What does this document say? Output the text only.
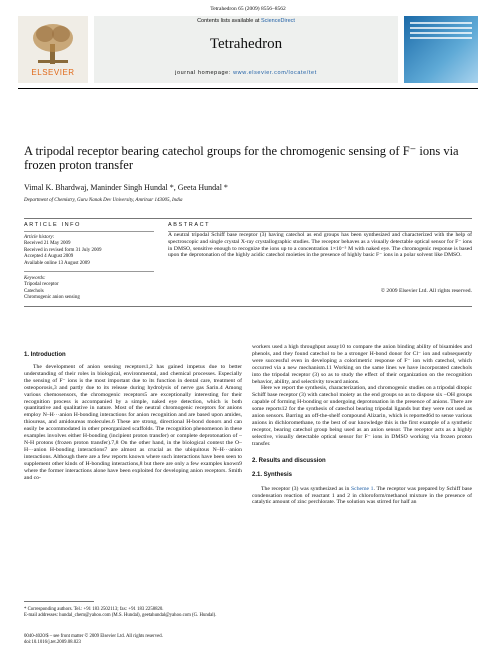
Tetrahedron 65 (2009) 8556–8562
ELSEVIER
Contents lists available at ScienceDirect
Tetrahedron
journal homepage: www.elsevier.com/locate/tet
A tripodal receptor bearing catechol groups for the chromogenic sensing of F⁻ ions via frozen proton transfer
Vimal K. Bhardwaj, Maninder Singh Hundal *, Geeta Hundal *
Department of Chemistry, Guru Nanak Dev University, Amritsar 143005, India
ARTICLE INFO
Article history:
Received 21 May 2009
Received in revised form 31 July 2009
Accepted 4 August 2009
Available online 13 August 2009
Keywords:
Tripodal receptor
Catechols
Chromogenic anion sensing
ABSTRACT
A neutral tripodal Schiff base receptor (3) having catechol as end groups has been synthesized and characterized with the help of spectroscopic and single crystal X-ray crystallographic studies. The receptor behaves as a visually detectable optical sensor for F⁻ ions in DMSO, sensitive enough to recognize the ions up to a concentration 1×10⁻⁵ M with naked eye. The chromogenic response is based upon the deprotonation of the highly acidic catechol moieties in the presence of highly basic F⁻ ions in a polar solvent like DMSO.
© 2009 Elsevier Ltd. All rights reserved.
1. Introduction

The development of anion sensing receptors1,2 has gained impetus due to better understanding of their roles in biological, environmental, and chemical processes. Especially the sensing of F⁻ ions is the most important due to its function in dental care, treatment of osteoporosis,3 and partly due to its release during hydrolysis of nerve gas Sarin.4 Among various chemosensors, the chromogenic receptors5 are exceptionally interesting for their recognition process is accompanied by a simple, naked eye detection, which is both quantitative and qualitative in nature. Most of the neutral chromogenic receptors for anions employ N–H···anion H-bonding interactions for anion recognition and are based upon amides, thioureas, and amidoureas molecules.6 These are strong, directional H-bond donors and can easily be accommodated in other preorganized scaffolds. The recognition phenomenon in these examples involves either H-bonding (incipient proton transfer) or complete deprotonation of –N-H protons (frozen proton transfer).7,8 On the other hand, in the biological context the O–H···anion H-bonding interactions7 are almost as crucial as the ubiquitous N–H···anion interactions. Although there are a few reports known where such interactions have been seen to supplement other kinds of H-bonding interactions,8 but there are only a few examples known9 where the former interactions alone have been exploited for developing anion receptors. Smith and co-

* Corresponding authors. Tel.: +91 183 2502113; fax: +91 183 2258820.
E-mail addresses: hundal_chem@yahoo.com (M.S. Hundal), geetahundal@yahoo.com (G. Hundal).
0040-4020/$ – see front matter © 2009 Elsevier Ltd. All rights reserved.
doi:10.1016/j.tet.2009.08.023

workers used a high throughput assay10 to compare the anion binding ability of bisamides and phenols, and they found catechol to be a stronger H-bond donor for Cl⁻ ion and subsequently were successful even in developing a colorimetric response of F⁻ ion with catechol, which occurred via a new mechanism.11 Working on the same lines we have incorporated catechols into the tripodal receptor (3) so as to study the effect of their organization on the recognition behavior, ability, and selectivity toward anions.

Here we report the synthesis, characterization, and chromogenic studies on a tripodal ditopic Schiff base receptor (3) with catechol moiety as the end groups so as to dispose six –OH groups capable of forming H-bonding or undergoing deprotonation in the presence of anions. There are some reports12 for the synthesis of catechol bearing tripodal ligands but they were not used as anion sensors. Barring an off-the-shelf compound Alizarin, which is reported6d to sense various anions in dichloromethane, to the best of our knowledge this is the first example of a synthetic receptor, bearing catechol group being used as an anion sensor. The receptor acts as a highly selective, visually detectable optical sensor for F⁻ ions in DMSO working via frozen proton transfer.

2. Results and discussion
2.1. Synthesis

The receptor (3) was synthesized as in Scheme 1. The receptor was prepared by Schiff base condensation reaction of reactant 1 and 2 in chloroform/methanol mixture in the presence of catalytic amount of zinc perchlorate. The solution was stirred for half an
